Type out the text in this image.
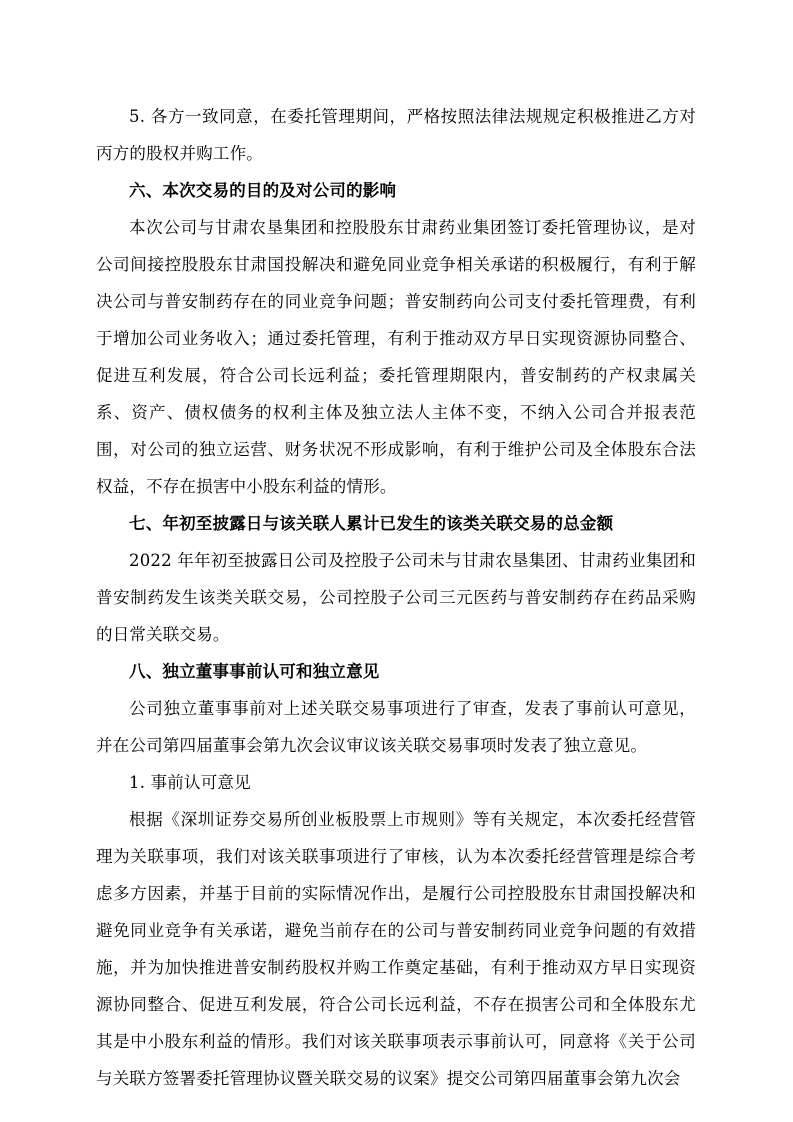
5. 各方一致同意，在委托管理期间，严格按照法律法规规定积极推进乙方对丙方的股权并购工作。

六、本次交易的目的及对公司的影响

本次公司与甘肃农垦集团和控股股东甘肃药业集团签订委托管理协议，是对公司间接控股股东甘肃国投解决和避免同业竞争相关承诺的积极履行，有利于解决公司与普安制药存在的同业竞争问题；普安制药向公司支付委托管理费，有利于增加公司业务收入；通过委托管理，有利于推动双方早日实现资源协同整合、促进互利发展，符合公司长远利益；委托管理期限内，普安制药的产权隶属关系、资产、债权债务的权利主体及独立法人主体不变，不纳入公司合并报表范围，对公司的独立运营、财务状况不形成影响，有利于维护公司及全体股东合法权益，不存在损害中小股东利益的情形。

七、年初至披露日与该关联人累计已发生的该类关联交易的总金额

2022 年年初至披露日公司及控股子公司未与甘肃农垦集团、甘肃药业集团和普安制药发生该类关联交易，公司控股子公司三元医药与普安制药存在药品采购的日常关联交易。

八、独立董事事前认可和独立意见

公司独立董事事前对上述关联交易事项进行了审查，发表了事前认可意见，并在公司第四届董事会第九次会议审议该关联交易事项时发表了独立意见。

1. 事前认可意见

根据《深圳证券交易所创业板股票上市规则》等有关规定，本次委托经营管理为关联事项，我们对该关联事项进行了审核，认为本次委托经营管理是综合考虑多方因素，并基于目前的实际情况作出，是履行公司控股股东甘肃国投解决和避免同业竞争有关承诺，避免当前存在的公司与普安制药同业竞争问题的有效措施，并为加快推进普安制药股权并购工作奠定基础，有利于推动双方早日实现资源协同整合、促进互利发展，符合公司长远利益，不存在损害公司和全体股东尤其是中小股东利益的情形。我们对该关联事项表示事前认可，同意将《关于公司与关联方签署委托管理协议暨关联交易的议案》提交公司第四届董事会第九次会
